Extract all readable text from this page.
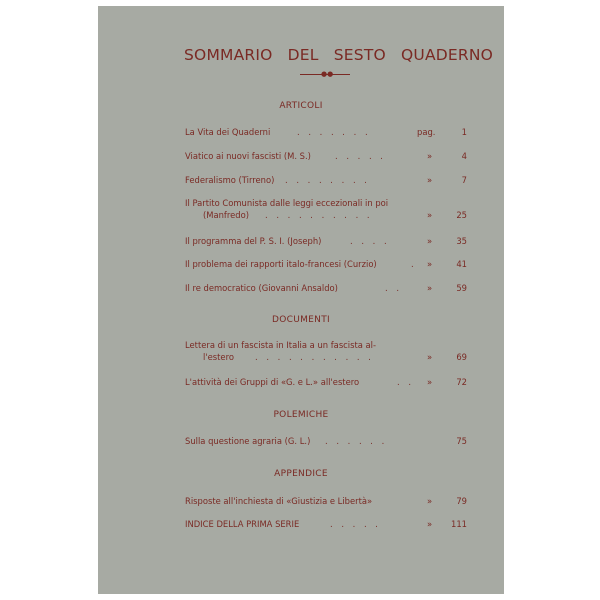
SOMMARIO DEL SESTO QUADERNO
●●
ARTICOLI
La Vita dei Quaderni	. . . . . . .	pag.	1
Viatico ai nuovi fascisti (M. S.)	. . . . .	»	4
Federalismo (Tirreno) . . . . . . . .	»	7
Il Partito Comunista dalle leggi eccezionali in poi
(Manfredo) . . . . . . . . . .	»	25
Il programma del P. S. I. (Joseph)	. . . .	»	35
Il problema dei rapporti italo-francesi (Curzio)	. »	41
Il re democratico (Giovanni Ansaldo)	. .	»	59
DOCUMENTI
Lettera di un fascista in Italia a un fascista al-
l'estero	. . . . . . . . . . .	»	69
L'attività dei Gruppi di «G. e L.» all'estero	. . »	72
POLEMICHE
Sulla questione agraria (G. L.) . . . . . .	75
APPENDICE
Risposte all'inchiesta di «Giustizia e Libertà»	»	79
INDICE DELLA PRIMA SERIE	. . . . .	» 111
